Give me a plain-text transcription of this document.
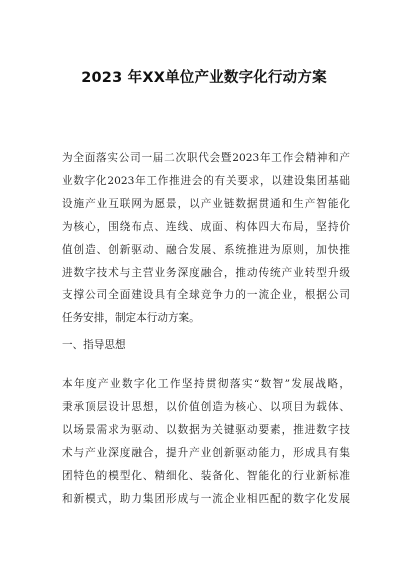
2023 年XX单位产业数字化行动方案
为全面落实公司一届二次职代会暨2023年工作会精神和产
业数字化2023年工作推进会的有关要求，以建设集团基础
设施产业互联网为愿景，以产业链数据贯通和生产智能化
为核心，围绕布点、连线、成面、构体四大布局，坚持价
值创造、创新驱动、融合发展、系统推进为原则，加快推
进数字技术与主营业务深度融合，推动传统产业转型升级
支撑公司全面建设具有全球竞争力的一流企业，根据公司
任务安排，制定本行动方案。
一、指导思想
本年度产业数字化工作坚持贯彻落实“数智”发展战略，
秉承顶层设计思想，以价值创造为核心、以项目为载体、
以场景需求为驱动、以数据为关键驱动要素，推进数字技
术与产业深度融合，提升产业创新驱动能力，形成具有集
团特色的模型化、精细化、装备化、智能化的行业新标准
和新模式，助力集团形成与一流企业相匹配的数字化发展
